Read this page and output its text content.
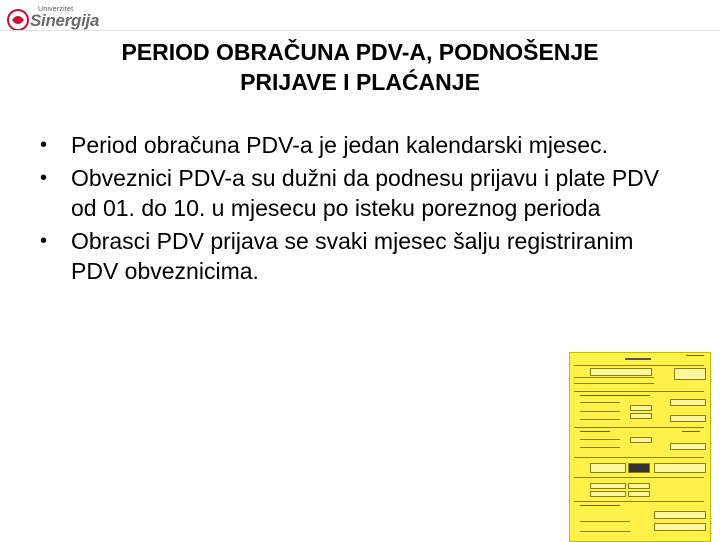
Univerzitet
Sinergija
PERIOD OBRAČUNA PDV-A, PODNOŠENJE
PRIJAVE I PLAĆANJE
• Period obračuna PDV-a je jedan kalendarski mjesec.
• Obveznici PDV-a su dužni da podnesu prijavu i plate PDV od 01. do 10. u mjesecu po isteku poreznog perioda
• Obrasci PDV prijava se svaki mjesec šalju registriranim PDV obveznicima.
